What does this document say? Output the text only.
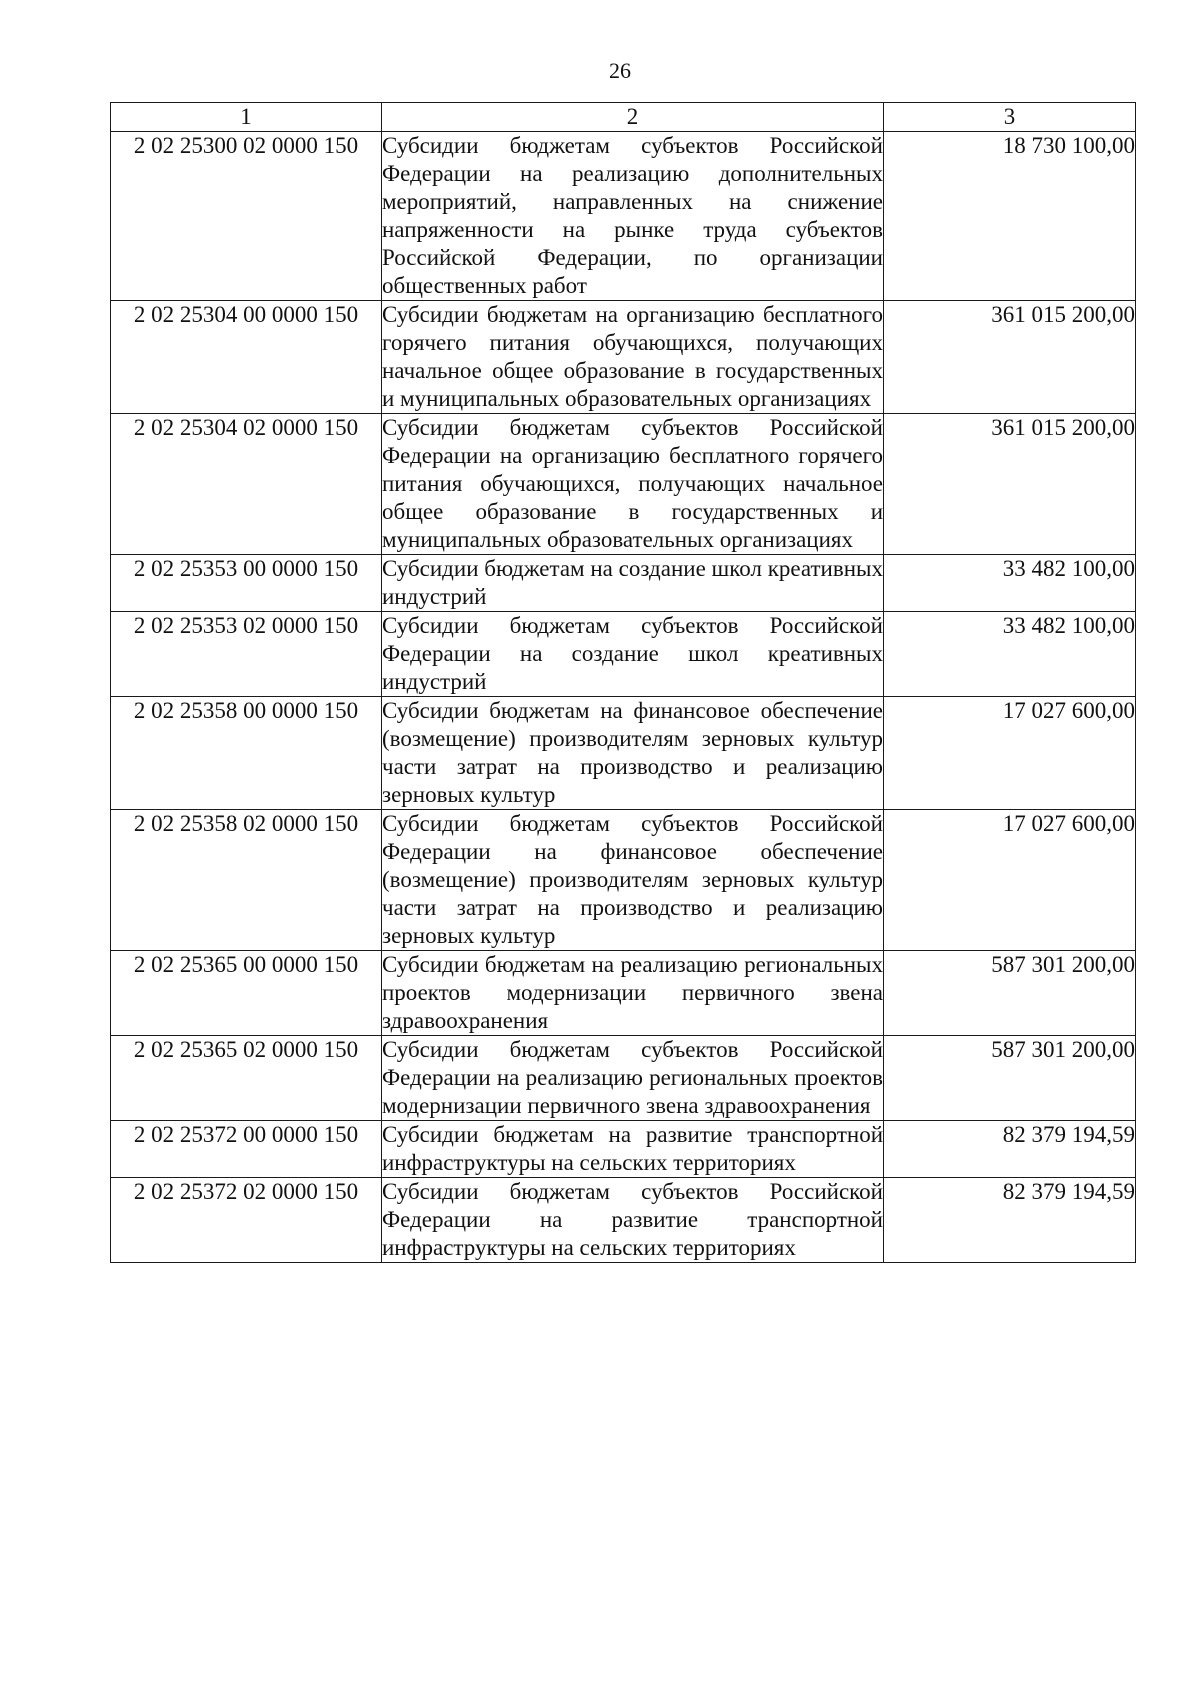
26
1	2	3
2 02 25300 02 0000 150	Субсидии бюджетам субъектов Российской Федерации на реализацию дополнительных мероприятий, направленных на снижение напряженности на рынке труда субъектов Российской Федерации, по организации общественных работ	18 730 100,00
2 02 25304 00 0000 150	Субсидии бюджетам на организацию бесплатного горячего питания обучающихся, получающих начальное общее образование в государственных и муниципальных образовательных организациях	361 015 200,00
2 02 25304 02 0000 150	Субсидии бюджетам субъектов Российской Федерации на организацию бесплатного горячего питания обучающихся, получающих начальное общее образование в государственных и муниципальных образовательных организациях	361 015 200,00
2 02 25353 00 0000 150	Субсидии бюджетам на создание школ креативных индустрий	33 482 100,00
2 02 25353 02 0000 150	Субсидии бюджетам субъектов Российской Федерации на создание школ креативных индустрий	33 482 100,00
2 02 25358 00 0000 150	Субсидии бюджетам на финансовое обеспечение (возмещение) производителям зерновых культур части затрат на производство и реализацию зерновых культур	17 027 600,00
2 02 25358 02 0000 150	Субсидии бюджетам субъектов Российской Федерации на финансовое обеспечение (возмещение) производителям зерновых культур части затрат на производство и реализацию зерновых культур	17 027 600,00
2 02 25365 00 0000 150	Субсидии бюджетам на реализацию региональных проектов модернизации первичного звена здравоохранения	587 301 200,00
2 02 25365 02 0000 150	Субсидии бюджетам субъектов Российской Федерации на реализацию региональных проектов модернизации первичного звена здравоохранения	587 301 200,00
2 02 25372 00 0000 150	Субсидии бюджетам на развитие транспортной инфраструктуры на сельских территориях	82 379 194,59
2 02 25372 02 0000 150	Субсидии бюджетам субъектов Российской Федерации на развитие транспортной инфраструктуры на сельских территориях	82 379 194,59
